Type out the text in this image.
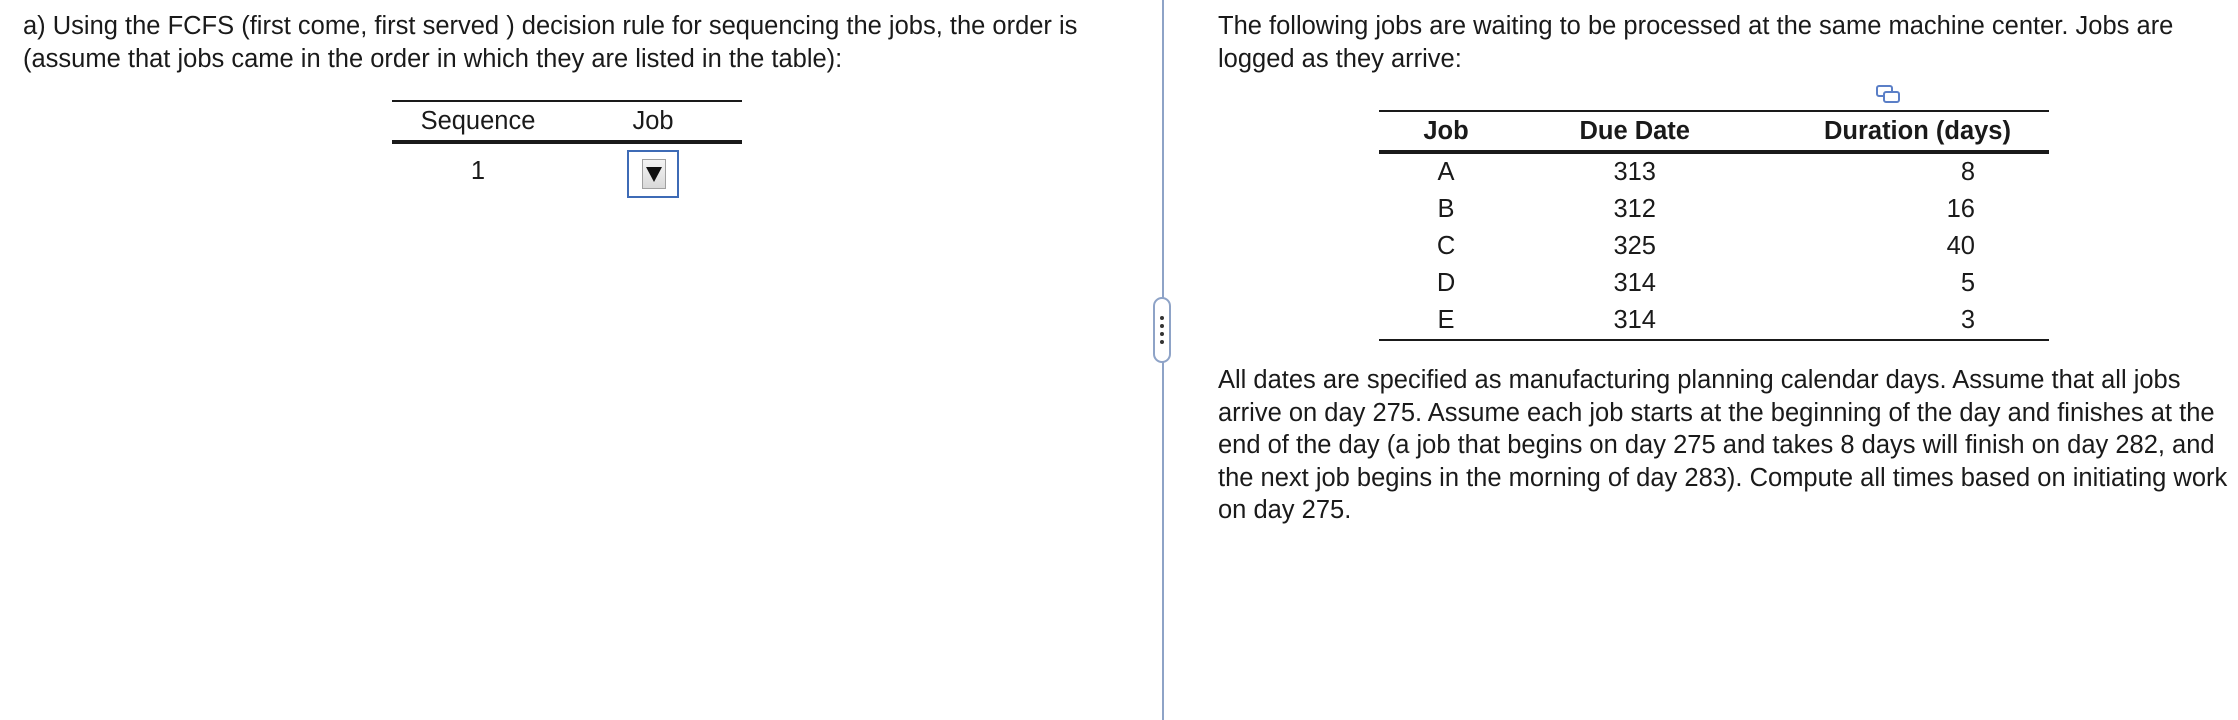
a) Using the FCFS (first come, first served ) decision rule for sequencing the jobs, the order is (assume that jobs came in the order in which they are listed in the table):

Sequence	Job

1	

The following jobs are waiting to be processed at the same machine center. Jobs are logged as they arrive:

Job	Due Date	Duration (days)
A	313	8
B	312	16
C	325	40
D	314	5
E	314	3

All dates are specified as manufacturing planning calendar days. Assume that all jobs arrive on day 275. Assume each job starts at the beginning of the day and finishes at the end of the day (a job that begins on day 275 and takes 8 days will finish on day 282, and the next job begins in the morning of day 283). Compute all times based on initiating work on day 275.
